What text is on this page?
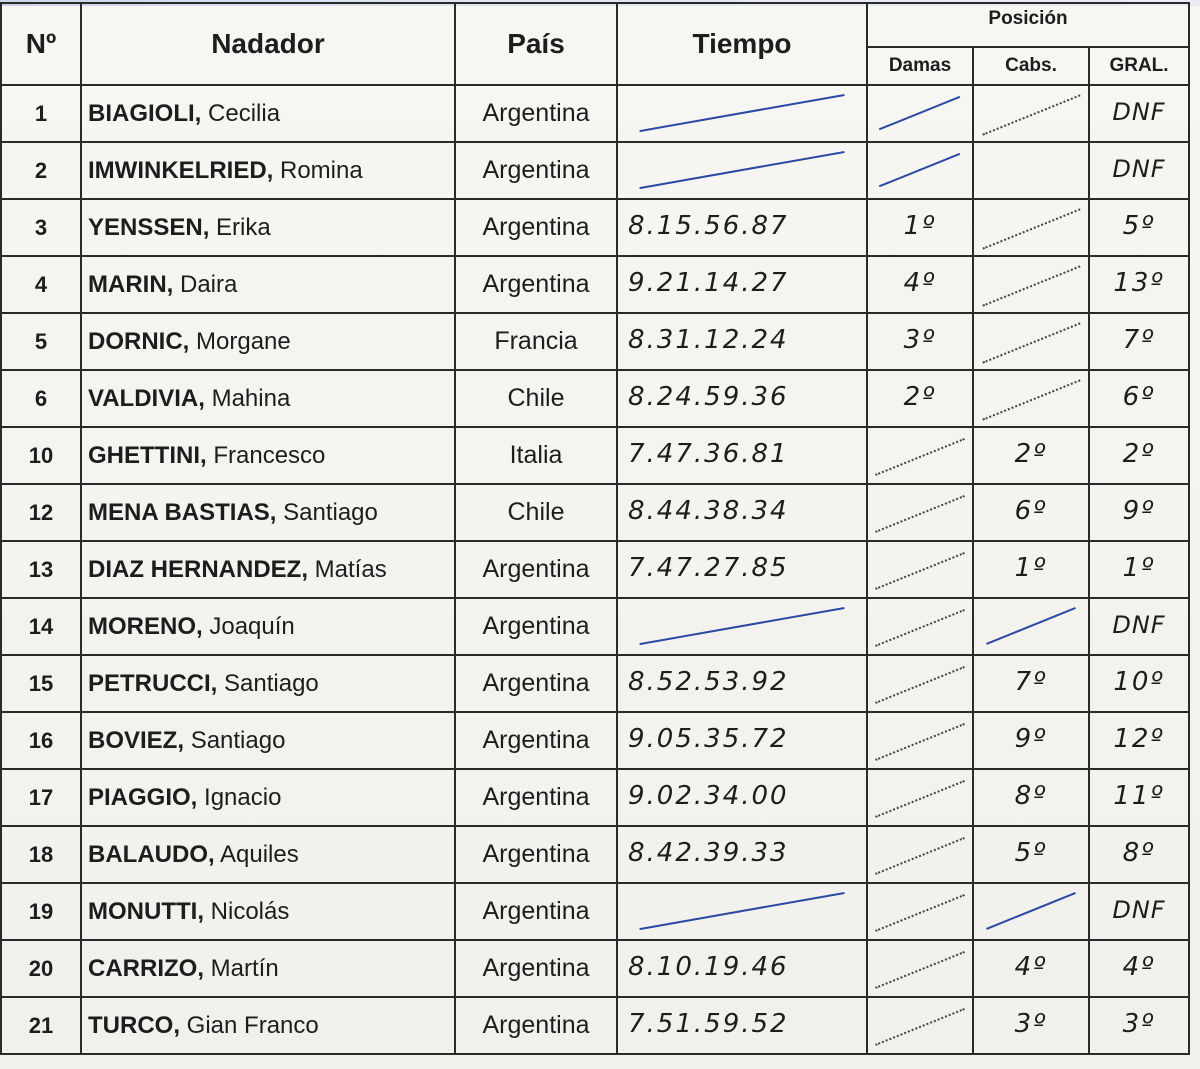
Nº	Nadador	País	Tiempo	Posición		
				Damas	Cabs.	GRAL.
1	BIAGIOLI, Cecilia	Argentina				DNF

2	IMWINKELRIED, Romina	Argentina				DNF

3	YENSSEN, Erika	Argentina	8.15.56.87	1º		5º

4	MARIN, Daira	Argentina	9.21.14.27	4º		13º

5	DORNIC, Morgane	Francia	8.31.12.24	3º		7º

6	VALDIVIA, Mahina	Chile	8.24.59.36	2º		6º

10	GHETTINI, Francesco	Italia	7.47.36.81		2º	2º

12	MENA BASTIAS, Santiago	Chile	8.44.38.34		6º	9º

13	DIAZ HERNANDEZ, Matías	Argentina	7.47.27.85		1º	1º

14	MORENO, Joaquín	Argentina				DNF

15	PETRUCCI, Santiago	Argentina	8.52.53.92		7º	10º

16	BOVIEZ, Santiago	Argentina	9.05.35.72		9º	12º

17	PIAGGIO, Ignacio	Argentina	9.02.34.00		8º	11º

18	BALAUDO, Aquiles	Argentina	8.42.39.33		5º	8º

19	MONUTTI, Nicolás	Argentina				DNF

20	CARRIZO, Martín	Argentina	8.10.19.46		4º	4º

21	TURCO, Gian Franco	Argentina	7.51.59.52		3º	3º
